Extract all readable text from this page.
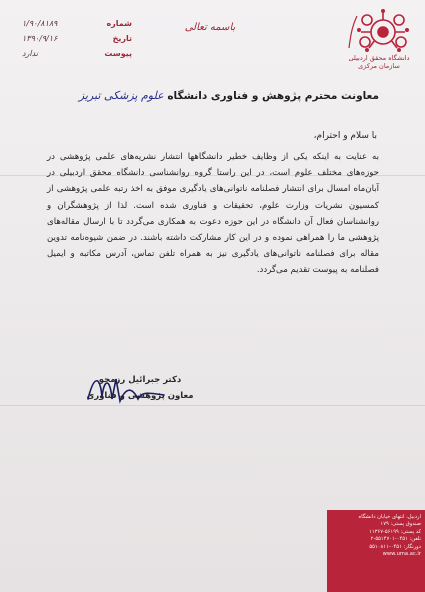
شماره
۱/۹۰/۸۱۸۹
تاریخ
۱۳۹۰/۹/۱۶
پیوست
ندارد
باسمه تعالی
دانشگاه محقق اردبیلی
سازمان مرکزی
معاونت محترم پژوهش و فناوری دانشگاه علوم پزشکی تبریز
با سلام و احترام،
به عنایت به اینکه یکی از وظایف خطیر دانشگاهها انتشار نشریه‌های علمی پژوهشی در حوزه‌های مختلف علوم است، در این راستا گروه روانشناسی دانشگاه محقق اردبیلی در آبان‌ماه امسال برای انتشار فصلنامه ناتوانی‌های یادگیری موفق به اخذ رتبه علمی پژوهشی از کمسیون نشریات وزارت علوم، تحقیقات و فناوری شده است. لذا از پژوهشگران و روانشناسان فعال آن دانشگاه در این حوزه دعوت به همکاری می‌گردد تا با ارسال مقاله‌های پژوهشی ما را همراهی نموده و در این کار مشارکت داشته باشند. در ضمن شیوه‌نامه تدوین مقاله برای فصلنامه ناتوانی‌های یادگیری نیز به همراه تلفن تماس، آدرس مکاتبه و ایمیل فصلنامه به پیوست تقدیم می‌گردد.
دکتر جبرائیل رزمجو
معاون پژوهشی و فناوری
اردبیل، انتهای خیابان دانشگاه
صندوق پستی: ۱۷۹
کد پستی: ۵۶۱۹۹-۱۱۳۶۷
تلفن: ۰۴۵۱-۵۵۱۴۷۰۱-۲
دورنگار: ۰۴۵۱-۵۵۱۰۸۱۱
www.uma.ac.ir
